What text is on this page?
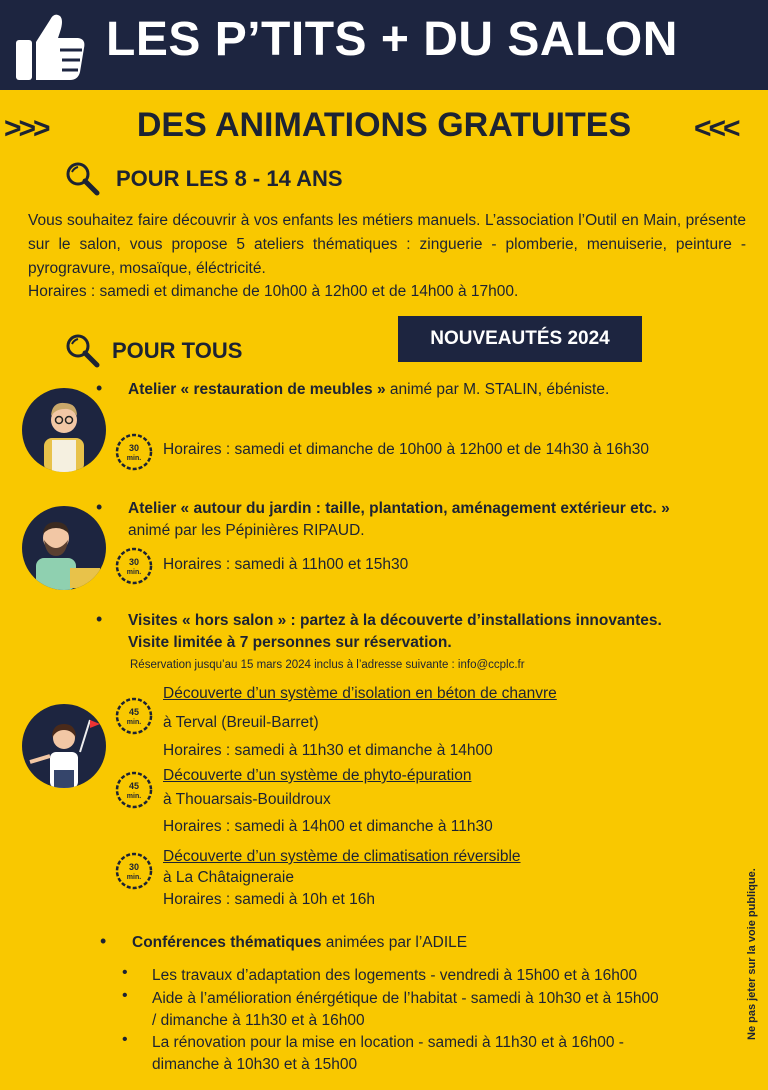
LES P’TITS + DU SALON
>>>	DES ANIMATIONS GRATUITES	<<<
POUR LES 8 - 14 ANS
Vous souhaitez faire découvrir à vos enfants les métiers manuels. L’association l’Outil en Main, présente sur le salon, vous propose 5 ateliers thématiques : zinguerie - plomberie, menuiserie, peinture - pyrogravure, mosaïque, éléctricité.
Horaires : samedi et dimanche de 10h00 à 12h00 et de 14h00 à 17h00.
POUR TOUS	NOUVEAUTÉS 2024
• Atelier « restauration de meubles » animé par M. STALIN, ébéniste.
30
min.
Horaires : samedi et dimanche de 10h00 à 12h00 et de 14h30 à 16h30
• Atelier « autour du jardin : taille, plantation, aménagement extérieur etc. »
animé par les Pépinières RIPAUD.
30
min. Horaires : samedi à 11h00 et 15h30
• Visites « hors salon » : partez à la découverte d’installations innovantes.
Visite limitée à 7 personnes sur réservation.
Réservation jusqu’au 15 mars 2024 inclus à l’adresse suivante : info@ccplc.fr
45
min.
Découverte d’un système d’isolation en béton de chanvre
à Terval (Breuil-Barret)
Horaires : samedi à 11h30 et dimanche à 14h00
45
min.
Découverte d’un système de phyto-épuration
à Thouarsais-Bouildroux
Horaires : samedi à 14h00 et dimanche à 11h30
30
min.
Découverte d’un système de climatisation réversible
à La Châtaigneraie
Horaires : samedi à 10h et 16h
• Conférences thématiques animées par l’ADILE
• Les travaux d’adaptation des logements - vendredi à 15h00 et à 16h00
• Aide à l’amélioration énérgétique de l’habitat - samedi à 10h30 et à 15h00
/ dimanche à 11h30 et à 16h00
• La rénovation pour la mise en location - samedi à 11h30 et à 16h00 -
dimanche à 10h30 et à 15h00
Ne pas jeter sur la voie publique.
